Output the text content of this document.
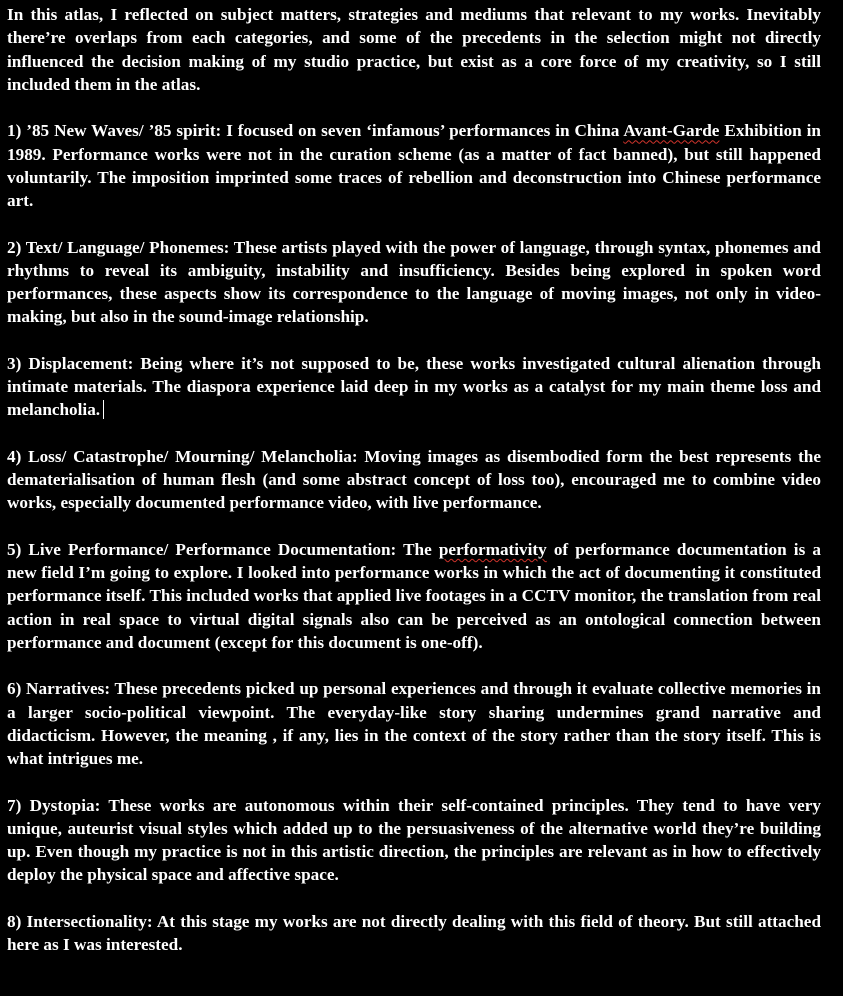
In this atlas, I reflected on subject matters, strategies and mediums that relevant to my works. Inevitably there’re overlaps from each categories, and some of the precedents in the selection might not directly influenced the decision making of my studio practice, but exist as a core force of my creativity, so I still included them in the atlas.

1) ’85 New Waves/ ’85 spirit: I focused on seven ‘infamous’ performances in China Avant-Garde Exhibition in 1989. Performance works were not in the curation scheme (as a matter of fact banned), but still happened voluntarily. The imposition imprinted some traces of rebellion and deconstruction into Chinese performance art.

2) Text/ Language/ Phonemes: These artists played with the power of language, through syntax, phonemes and rhythms to reveal its ambiguity, instability and insufficiency. Besides being explored in spoken word performances, these aspects show its correspondence to the language of moving images, not only in video-making, but also in the sound-image relationship.

3) Displacement: Being where it’s not supposed to be, these works investigated cultural alienation through intimate materials. The diaspora experience laid deep in my works as a catalyst for my main theme loss and melancholia.

4) Loss/ Catastrophe/ Mourning/ Melancholia: Moving images as disembodied form the best represents the dematerialisation of human flesh (and some abstract concept of loss too), encouraged me to combine video works, especially documented performance video, with live performance.

5) Live Performance/ Performance Documentation: The performativity of performance documentation is a new field I’m going to explore. I looked into performance works in which the act of documenting it constituted performance itself. This included works that applied live footages in a CCTV monitor, the translation from real action in real space to virtual digital signals also can be perceived as an ontological connection between performance and document (except for this document is one-off).

6) Narratives: These precedents picked up personal experiences and through it evaluate collective memories in a larger socio-political viewpoint. The everyday-like story sharing undermines grand narrative and didacticism. However, the meaning , if any, lies in the context of the story rather than the story itself. This is what intrigues me.

7) Dystopia: These works are autonomous within their self-contained principles. They tend to have very unique, auteurist visual styles which added up to the persuasiveness of the alternative world they’re building up. Even though my practice is not in this artistic direction, the principles are relevant as in how to effectively deploy the physical space and affective space.

8) Intersectionality: At this stage my works are not directly dealing with this field of theory. But still attached here as I was interested.
